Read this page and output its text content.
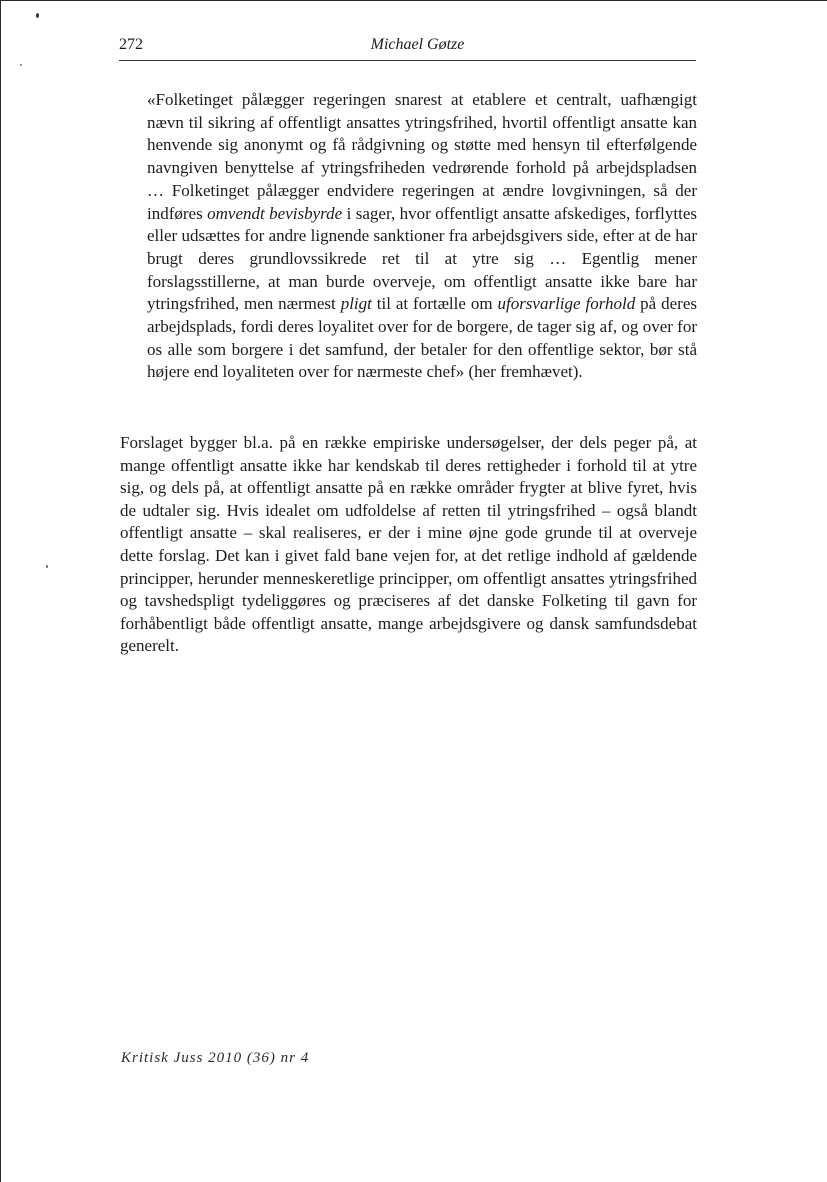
272	Michael Gøtze

«Folketinget pålægger regeringen snarest at etablere et centralt, uafhængigt nævn til sikring af offentligt ansattes ytringsfrihed, hvortil offentligt ansatte kan henvende sig anonymt og få rådgivning og støtte med hensyn til efterfølgende navngiven benyttelse af ytringsfriheden vedrørende forhold på arbejdspladsen … Folketinget pålægger endvidere regeringen at ændre lovgivningen, så der indføres omvendt bevisbyrde i sager, hvor offentligt ansatte afskediges, forflyttes eller udsættes for andre lignende sanktioner fra arbejdsgivers side, efter at de har brugt deres grundlovssikrede ret til at ytre sig … Egentlig mener forslagsstillerne, at man burde overveje, om offentligt ansatte ikke bare har ytringsfrihed, men nærmest pligt til at fortælle om uforsvarlige forhold på deres arbejdsplads, fordi deres loyalitet over for de borgere, de tager sig af, og over for os alle som borgere i det samfund, der betaler for den offentlige sektor, bør stå højere end loyaliteten over for nærmeste chef» (her fremhævet).

Forslaget bygger bl.a. på en række empiriske undersøgelser, der dels peger på, at mange offentligt ansatte ikke har kendskab til deres rettigheder i forhold til at ytre sig, og dels på, at offentligt ansatte på en række områder frygter at blive fyret, hvis de udtaler sig. Hvis idealet om udfoldelse af retten til ytringsfrihed – også blandt offentligt ansatte – skal realiseres, er der i mine øjne gode grunde til at overveje dette forslag. Det kan i givet fald bane vejen for, at det retlige indhold af gældende principper, herunder menneskeretlige principper, om offentligt ansattes ytringsfrihed og tavshedspligt tydeliggøres og præciseres af det danske Folketing til gavn for forhåbentligt både offentligt ansatte, mange arbejdsgivere og dansk samfundsdebat generelt.

Kritisk Juss 2010 (36) nr 4
